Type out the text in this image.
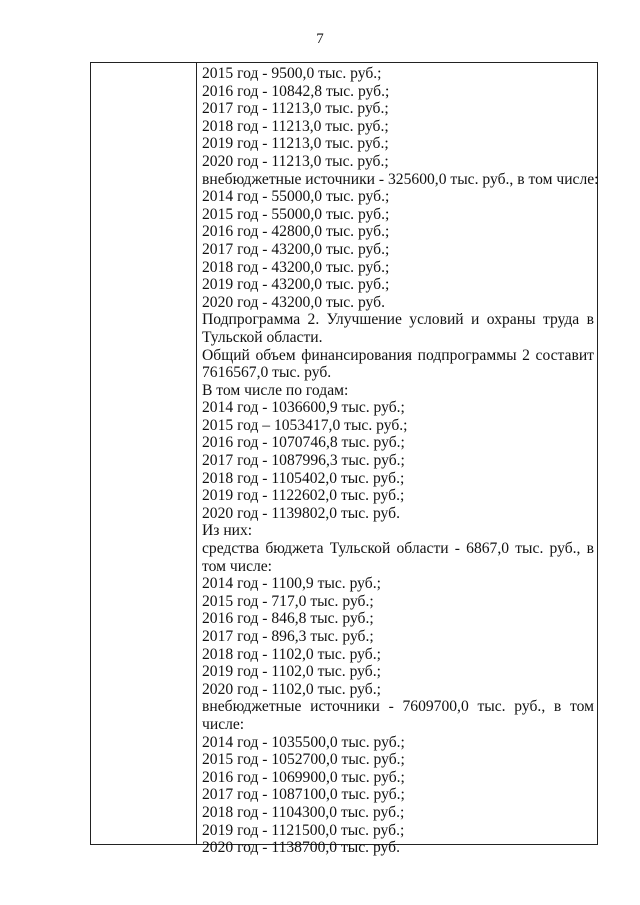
7
2015 год - 9500,0 тыс. руб.;
2016 год - 10842,8 тыс. руб.;
2017 год - 11213,0 тыс. руб.;
2018 год - 11213,0 тыс. руб.;
2019 год - 11213,0 тыс. руб.;
2020 год - 11213,0 тыс. руб.;
внебюджетные источники - 325600,0 тыс. руб., в том числе:
2014 год - 55000,0 тыс. руб.;
2015 год - 55000,0 тыс. руб.;
2016 год - 42800,0 тыс. руб.;
2017 год - 43200,0 тыс. руб.;
2018 год - 43200,0 тыс. руб.;
2019 год - 43200,0 тыс. руб.;
2020 год - 43200,0 тыс. руб.
Подпрограмма 2. Улучшение условий и охраны труда в Тульской области.
Общий объем финансирования подпрограммы 2 составит 7616567,0 тыс. руб.
В том числе по годам:
2014 год - 1036600,9 тыс. руб.;
2015 год – 1053417,0 тыс. руб.;
2016 год - 1070746,8 тыс. руб.;
2017 год - 1087996,3 тыс. руб.;
2018 год - 1105402,0 тыс. руб.;
2019 год - 1122602,0 тыс. руб.;
2020 год - 1139802,0 тыс. руб.
Из них:
средства бюджета Тульской области - 6867,0 тыс. руб., в том числе:
2014 год - 1100,9 тыс. руб.;
2015 год - 717,0 тыс. руб.;
2016 год - 846,8 тыс. руб.;
2017 год - 896,3 тыс. руб.;
2018 год - 1102,0 тыс. руб.;
2019 год - 1102,0 тыс. руб.;
2020 год - 1102,0 тыс. руб.;
внебюджетные источники - 7609700,0 тыс. руб., в том числе:
2014 год - 1035500,0 тыс. руб.;
2015 год - 1052700,0 тыс. руб.;
2016 год - 1069900,0 тыс. руб.;
2017 год - 1087100,0 тыс. руб.;
2018 год - 1104300,0 тыс. руб.;
2019 год - 1121500,0 тыс. руб.;
2020 год - 1138700,0 тыс. руб.
